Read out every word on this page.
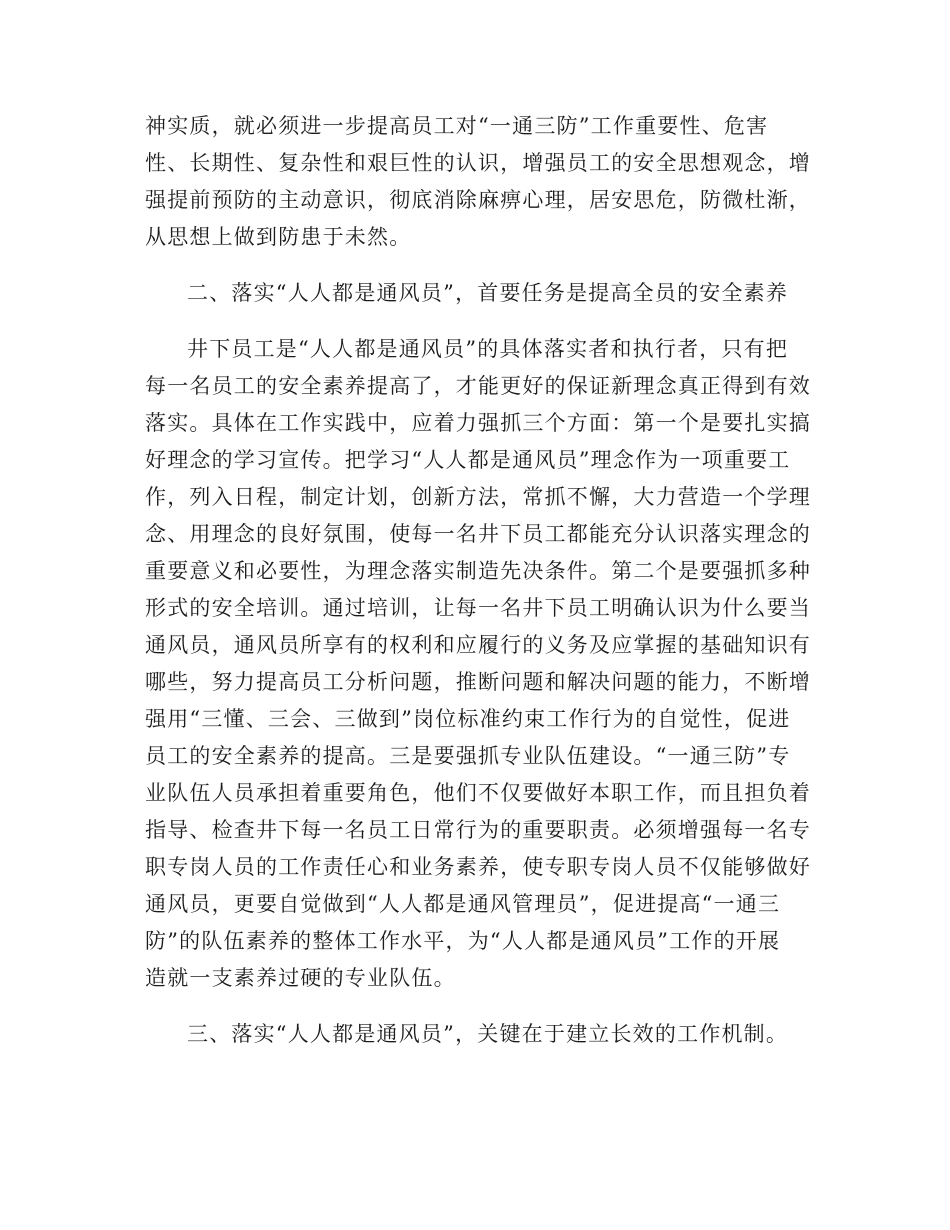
神实质，就必须进一步提高员工对“一通三防”工作重要性、危害
性、长期性、复杂性和艰巨性的认识，增强员工的安全思想观念，增
强提前预防的主动意识，彻底消除麻痹心理，居安思危，防微杜渐，
从思想上做到防患于未然。
二、落实“人人都是通风员”，首要任务是提高全员的安全素养
井下员工是“人人都是通风员”的具体落实者和执行者，只有把
每一名员工的安全素养提高了，才能更好的保证新理念真正得到有效
落实。具体在工作实践中，应着力强抓三个方面：第一个是要扎实搞
好理念的学习宣传。把学习“人人都是通风员”理念作为一项重要工
作，列入日程，制定计划，创新方法，常抓不懈，大力营造一个学理
念、用理念的良好氛围，使每一名井下员工都能充分认识落实理念的
重要意义和必要性，为理念落实制造先决条件。第二个是要强抓多种
形式的安全培训。通过培训，让每一名井下员工明确认识为什么要当
通风员，通风员所享有的权利和应履行的义务及应掌握的基础知识有
哪些，努力提高员工分析问题，推断问题和解决问题的能力，不断增
强用“三懂、三会、三做到”岗位标准约束工作行为的自觉性，促进
员工的安全素养的提高。三是要强抓专业队伍建设。“一通三防”专
业队伍人员承担着重要角色，他们不仅要做好本职工作，而且担负着
指导、检查井下每一名员工日常行为的重要职责。必须增强每一名专
职专岗人员的工作责任心和业务素养，使专职专岗人员不仅能够做好
通风员，更要自觉做到“人人都是通风管理员”，促进提高“一通三
防”的队伍素养的整体工作水平，为“人人都是通风员”工作的开展
造就一支素养过硬的专业队伍。
三、落实“人人都是通风员”，关键在于建立长效的工作机制。
